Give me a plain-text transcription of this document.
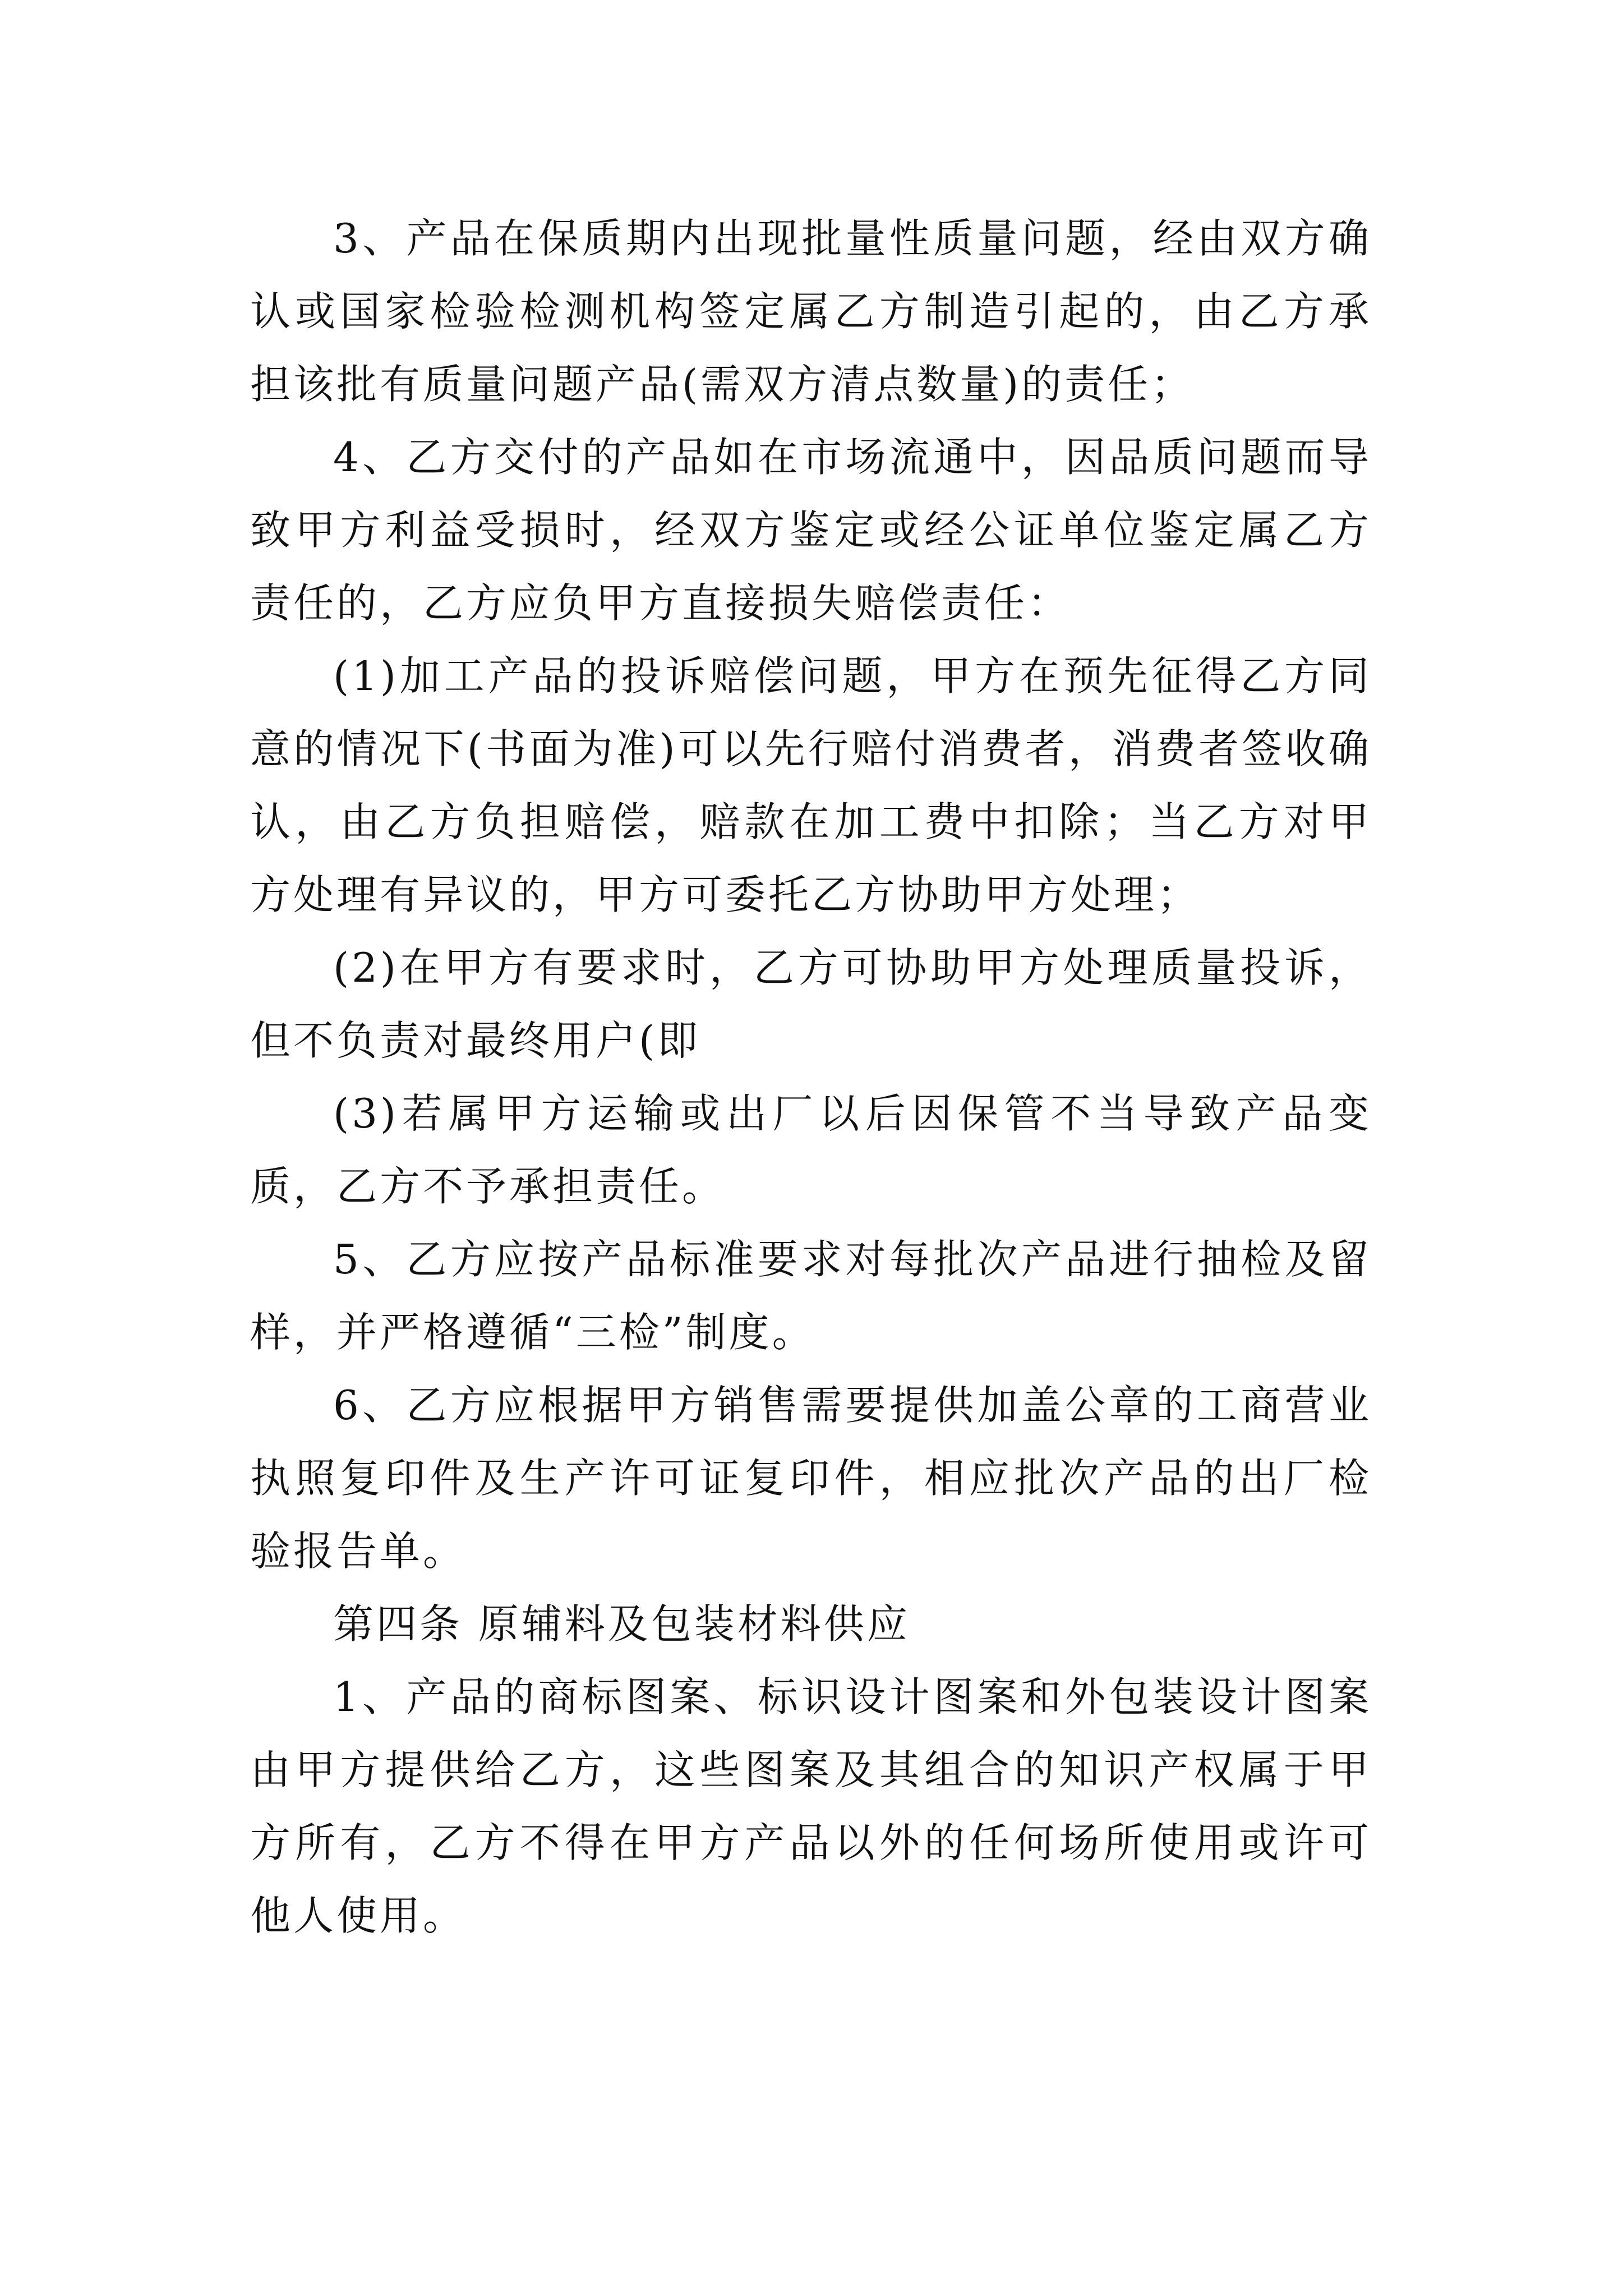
3、产品在保质期内出现批量性质量问题，经由双方确认或国家检验检测机构签定属乙方制造引起的，由乙方承担该批有质量问题产品(需双方清点数量)的责任；

4、乙方交付的产品如在市场流通中，因品质问题而导致甲方利益受损时，经双方鉴定或经公证单位鉴定属乙方责任的，乙方应负甲方直接损失赔偿责任：

(1)加工产品的投诉赔偿问题，甲方在预先征得乙方同意的情况下(书面为准)可以先行赔付消费者，消费者签收确认，由乙方负担赔偿，赔款在加工费中扣除；当乙方对甲方处理有异议的，甲方可委托乙方协助甲方处理；

(2)在甲方有要求时，乙方可协助甲方处理质量投诉，但不负责对最终用户(即

(3)若属甲方运输或出厂以后因保管不当导致产品变质，乙方不予承担责任。

5、乙方应按产品标准要求对每批次产品进行抽检及留样，并严格遵循“三检”制度。

6、乙方应根据甲方销售需要提供加盖公章的工商营业执照复印件及生产许可证复印件，相应批次产品的出厂检验报告单。

第四条 原辅料及包装材料供应

1、产品的商标图案、标识设计图案和外包装设计图案由甲方提供给乙方，这些图案及其组合的知识产权属于甲方所有，乙方不得在甲方产品以外的任何场所使用或许可他人使用。
